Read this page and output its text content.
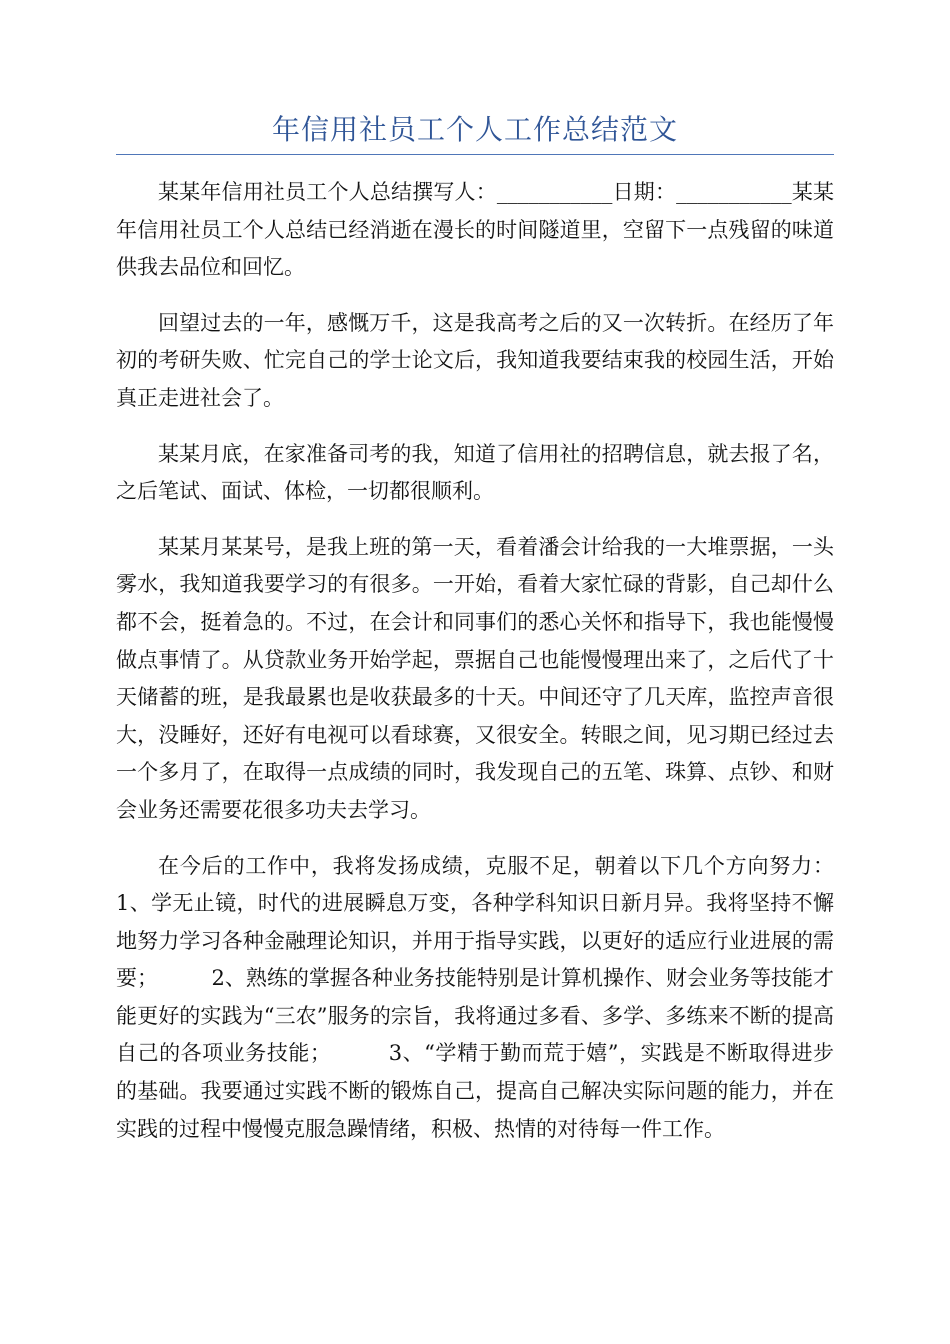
年信用社员工个人工作总结范文

某某年信用社员工个人总结撰写人：___________日期：___________某某年信用社员工个人总结已经消逝在漫长的时间隧道里，空留下一点残留的味道供我去品位和回忆。

回望过去的一年，感慨万千，这是我高考之后的又一次转折。在经历了年初的考研失败、忙完自己的学士论文后，我知道我要结束我的校园生活，开始真正走进社会了。

某某月底，在家准备司考的我，知道了信用社的招聘信息，就去报了名，之后笔试、面试、体检，一切都很顺利。

某某月某某号，是我上班的第一天，看着潘会计给我的一大堆票据，一头雾水，我知道我要学习的有很多。一开始，看着大家忙碌的背影，自己却什么都不会，挺着急的。不过，在会计和同事们的悉心关怀和指导下，我也能慢慢做点事情了。从贷款业务开始学起，票据自己也能慢慢理出来了，之后代了十天储蓄的班，是我最累也是收获最多的十天。中间还守了几天库，监控声音很大，没睡好，还好有电视可以看球赛，又很安全。转眼之间，见习期已经过去一个多月了，在取得一点成绩的同时，我发现自己的五笔、珠算、点钞、和财会业务还需要花很多功夫去学习。

在今后的工作中，我将发扬成绩，克服不足，朝着以下几个方向努力：    1、学无止镜，时代的进展瞬息万变，各种学科知识日新月异。我将坚持不懈地努力学习各种金融理论知识，并用于指导实践，以更好的适应行业进展的需要；        2、熟练的掌握各种业务技能特别是计算机操作、财会业务等技能才能更好的实践为“三农”服务的宗旨，我将通过多看、多学、多练来不断的提高自己的各项业务技能；        3、“学精于勤而荒于嬉”，实践是不断取得进步的基础。我要通过实践不断的锻炼自己，提高自己解决实际问题的能力，并在实践的过程中慢慢克服急躁情绪，积极、热情的对待每一件工作。
